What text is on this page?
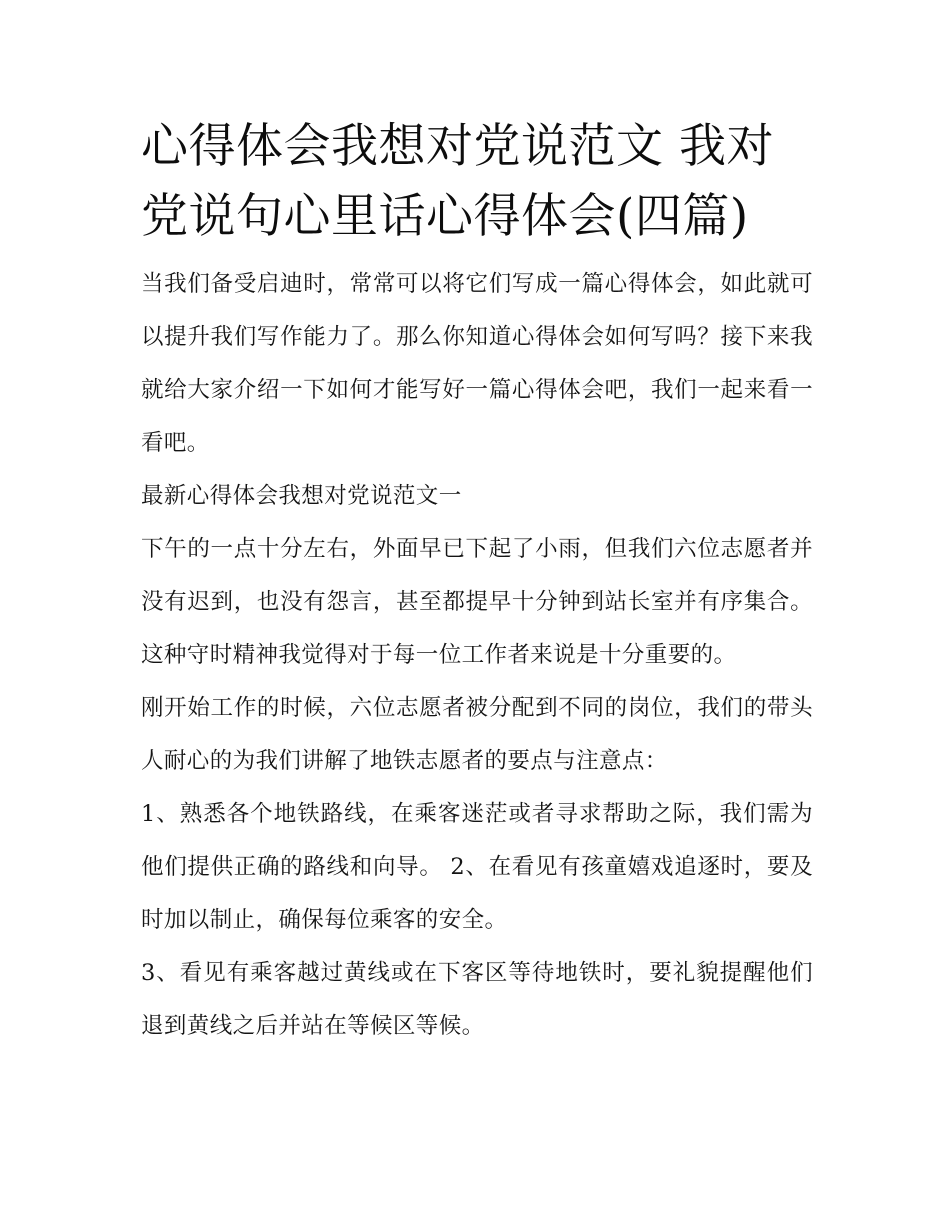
心得体会我想对党说范文 我对党说句心里话心得体会(四篇)

当我们备受启迪时，常常可以将它们写成一篇心得体会，如此就可以提升我们写作能力了。那么你知道心得体会如何写吗？接下来我就给大家介绍一下如何才能写好一篇心得体会吧，我们一起来看一看吧。

最新心得体会我想对党说范文一

下午的一点十分左右，外面早已下起了小雨，但我们六位志愿者并没有迟到，也没有怨言，甚至都提早十分钟到站长室并有序集合。这种守时精神我觉得对于每一位工作者来说是十分重要的。

刚开始工作的时候，六位志愿者被分配到不同的岗位，我们的带头人耐心的为我们讲解了地铁志愿者的要点与注意点：

1、熟悉各个地铁路线，在乘客迷茫或者寻求帮助之际，我们需为他们提供正确的路线和向导。 2、在看见有孩童嬉戏追逐时，要及时加以制止，确保每位乘客的安全。

3、看见有乘客越过黄线或在下客区等待地铁时，要礼貌提醒他们退到黄线之后并站在等候区等候。
